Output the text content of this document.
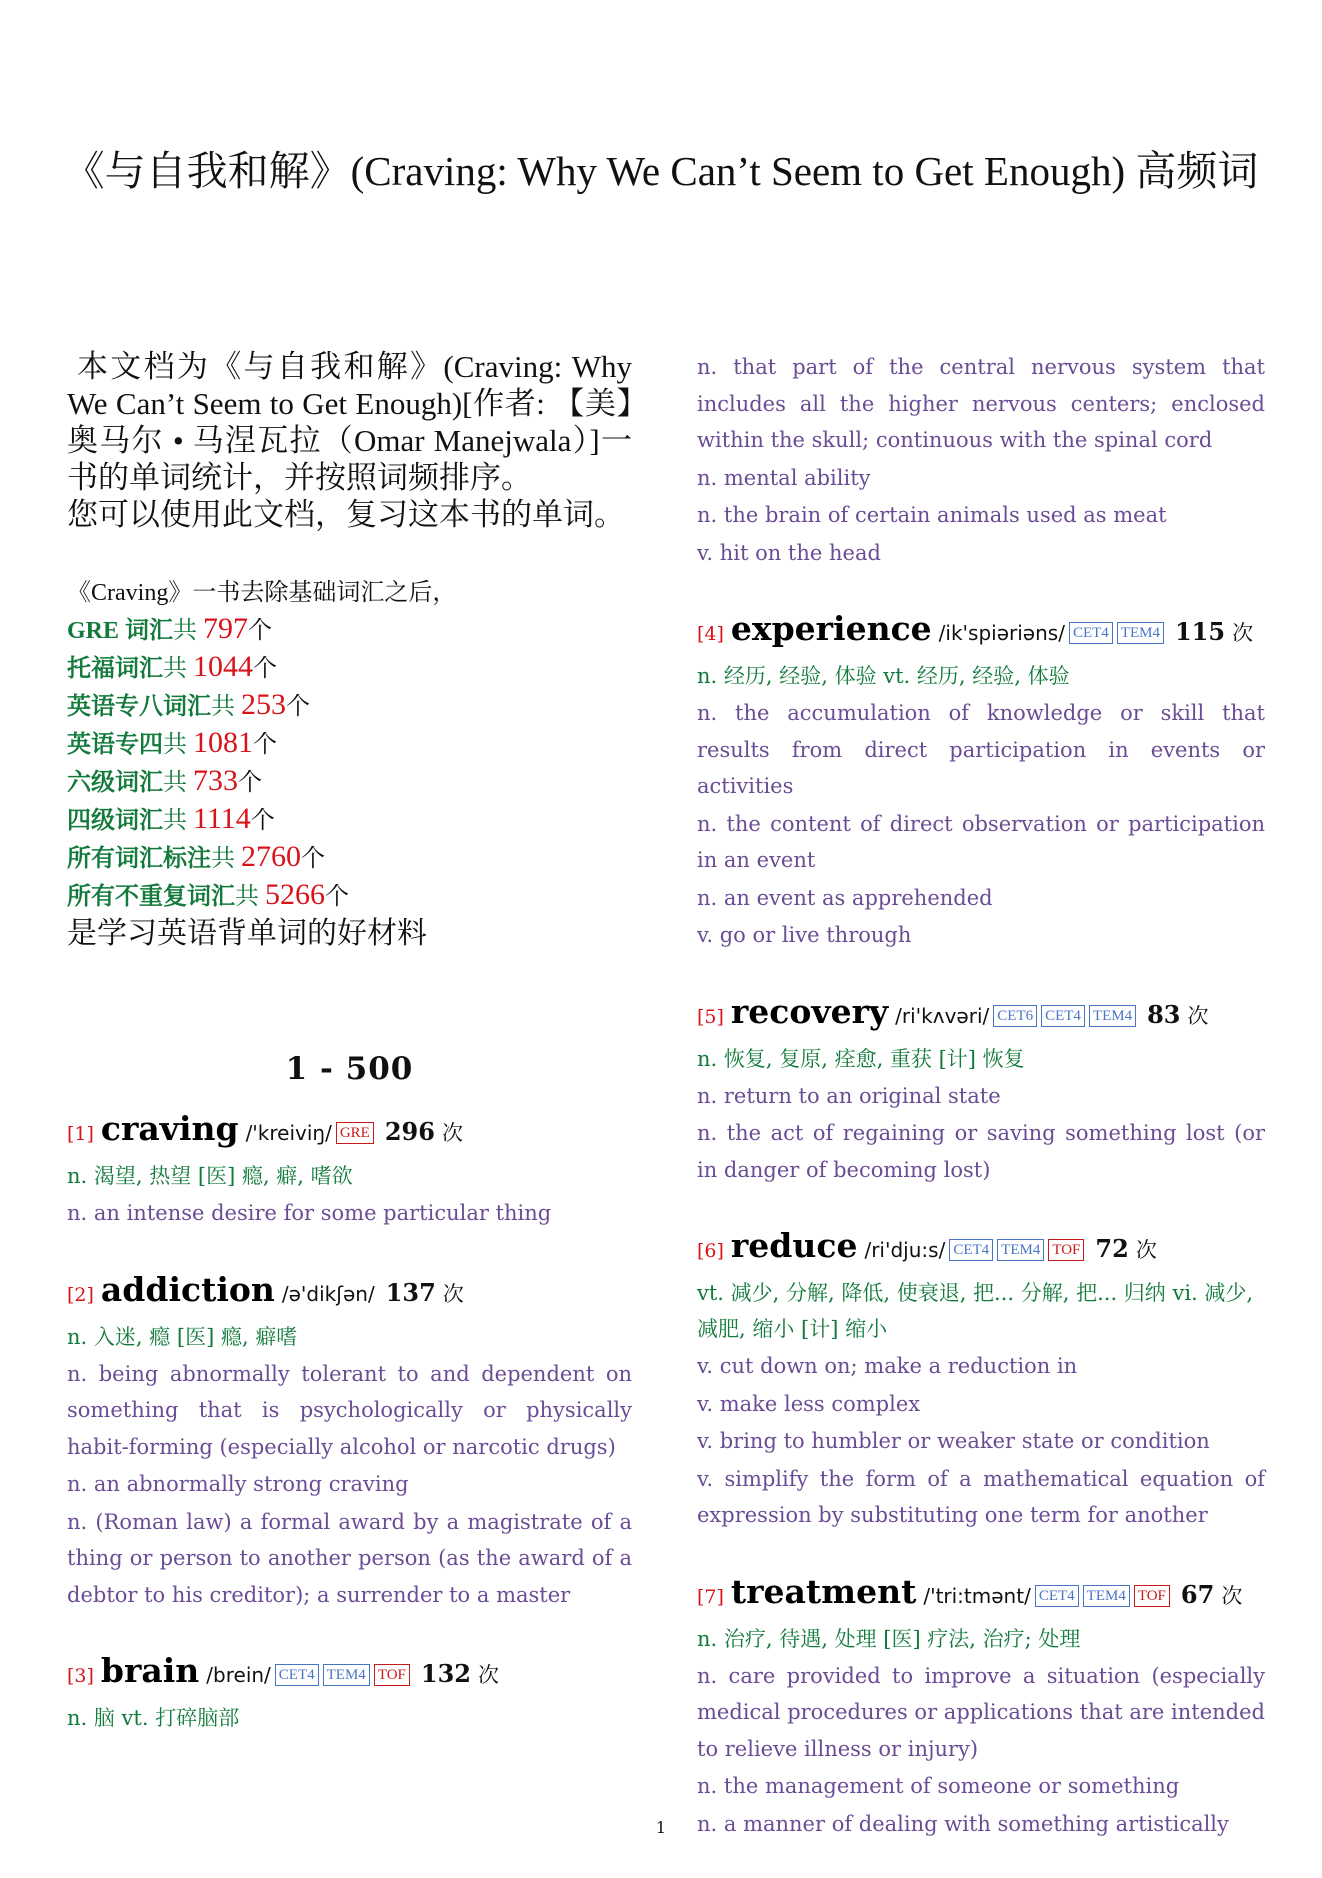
《与自我和解》(Craving: Why We Can’t Seem to Get Enough) 高频词

本文档为《与自我和解》(Craving: Why We Can’t Seem to Get Enough)[作者: 【美】奥马尔 • 马涅瓦拉（Omar Manejwala）]一书的单词统计，并按照词频排序。

您可以使用此文档，复习这本书的单词。

《Craving》一书去除基础词汇之后，
GRE 词汇共 797个
托福词汇共 1044个
英语专八词汇共 253个
英语专四共 1081个
六级词汇共 733个
四级词汇共 1114个
所有词汇标注共 2760个
所有不重复词汇共 5266个
是学习英语背单词的好材料
1 - 500
[1] craving /'kreiviŋ/ GRE 296 次
n. 渴望, 热望 [医] 瘾, 癖, 嗜欲
n. an intense desire for some particular thing
[2] addiction /ə'dikʃən/ 137 次
n. 入迷, 瘾 [医] 瘾, 癖嗜
n. being abnormally tolerant to and dependent on something that is psychologically or physically habit-forming (especially alcohol or narcotic drugs)
n. an abnormally strong craving
n. (Roman law) a formal award by a magistrate of a thing or person to another person (as the award of a debtor to his creditor); a surrender to a master
[3] brain /brein/ CET4 TEM4 TOF 132 次
n. 脑 vt. 打碎脑部
n. that part of the central nervous system that includes all the higher nervous centers; enclosed within the skull; continuous with the spinal cord
n. mental ability
n. the brain of certain animals used as meat
v. hit on the head
[4] experience /ik'spiəriəns/ CET4 TEM4 115 次
n. 经历, 经验, 体验 vt. 经历, 经验, 体验
n. the accumulation of knowledge or skill that results from direct participation in events or activities
n. the content of direct observation or participation in an event
n. an event as apprehended
v. go or live through
[5] recovery /ri'kʌvəri/ CET6 CET4 TEM4 83 次
n. 恢复, 复原, 痊愈, 重获 [计] 恢复
n. return to an original state
n. the act of regaining or saving something lost (or in danger of becoming lost)
[6] reduce /ri'dju:s/ CET4 TEM4 TOF 72 次
vt. 减少, 分解, 降低, 使衰退, 把... 分解, 把... 归纳 vi. 减少, 减肥, 缩小 [计] 缩小
v. cut down on; make a reduction in
v. make less complex
v. bring to humbler or weaker state or condition
v. simplify the form of a mathematical equation of expression by substituting one term for another
[7] treatment /'tri:tmənt/ CET4 TEM4 TOF 67 次
n. 治疗, 待遇, 处理 [医] 疗法, 治疗; 处理
n. care provided to improve a situation (especially medical procedures or applications that are intended to relieve illness or injury)
n. the management of someone or something
n. a manner of dealing with something artistically
1
